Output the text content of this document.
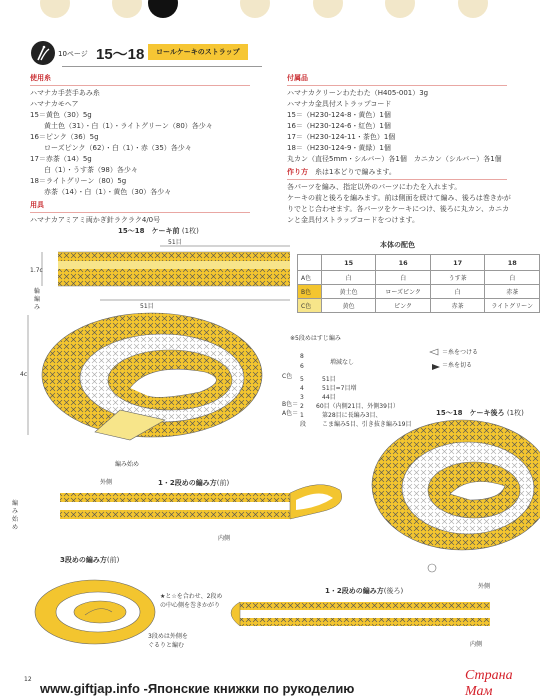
10ページ 15〜18	ロールケーキのストラップ
使用糸
ハマナカ手芸手あみ糸
ハマナカモヘア
15＝黄色（30）5g
黄土色（31）・白（1）・ライトグリーン（80）各少々
16＝ピンク（36）5g
ローズピンク（62）・白（1）・赤（35）各少々
17＝赤茶（14）5g
白（1）・うす茶（98）各少々
18＝ライトグリーン（80）5g
赤茶（14）・白（1）・黄色（30）各少々
用具
ハマナカアミアミ両かぎ針ラクラク4/0号
付属品
ハマナカクリーンわたわた（H405-001）3g
ハマナカ金具付ストラップコード
15＝（H230-124-8・黄色）1個
16＝（H230-124-6・紅色）1個
17＝（H230-124-11・茶色）1個
18＝（H230-124-9・黄緑）1個
丸カン（直径5mm・シルバー）各1個　カニカン（シルバー）各1個
作り方　 糸は1本どりで編みます。
各パーツを編み、指定以外のパーツにわたを入れます。
ケーキの前と後ろを編みます。前は側面を続けて編み、後ろは巻きかが
りでとじ合わせます。各パーツをケーキにつけ、後ろに丸カン、カニカ
ンと金具付ストラップコードをつけます。
本体の配色
	15	16	17	18
A色	白	白	うす茶	白
B色	黄土色	ローズピンク	白	赤茶
C色	黄色	ピンク	赤茶	ライトグリーン
15〜18　ケーキ前 (1枚)
15〜18　ケーキ後ろ (1枚)
1・2段めの編み方(前)
3段めの編み方(前)
1・2段めの編み方(後ろ)
51目
51目
1.7c
輪編み
4c
編み始め
外側
内側
編み始め
外側
内側
※5段めはすじ編み
＝糸をつける
＝糸を切る
C色
B色＝
A色＝
8
6
5
4
3
2
1
段
増減なし
51目
51目=7目増
44目
60目（内側21目、外側39目）
第28目に長編み3目、
こま編み5目、引き抜き編み19目
★と☆を合わせ、2段め
の中心側を巻きかがり
3段めは外側を
ぐるりと編む
12
www.giftjap.info -Японские книжки по рукоделию
Страна Мам
